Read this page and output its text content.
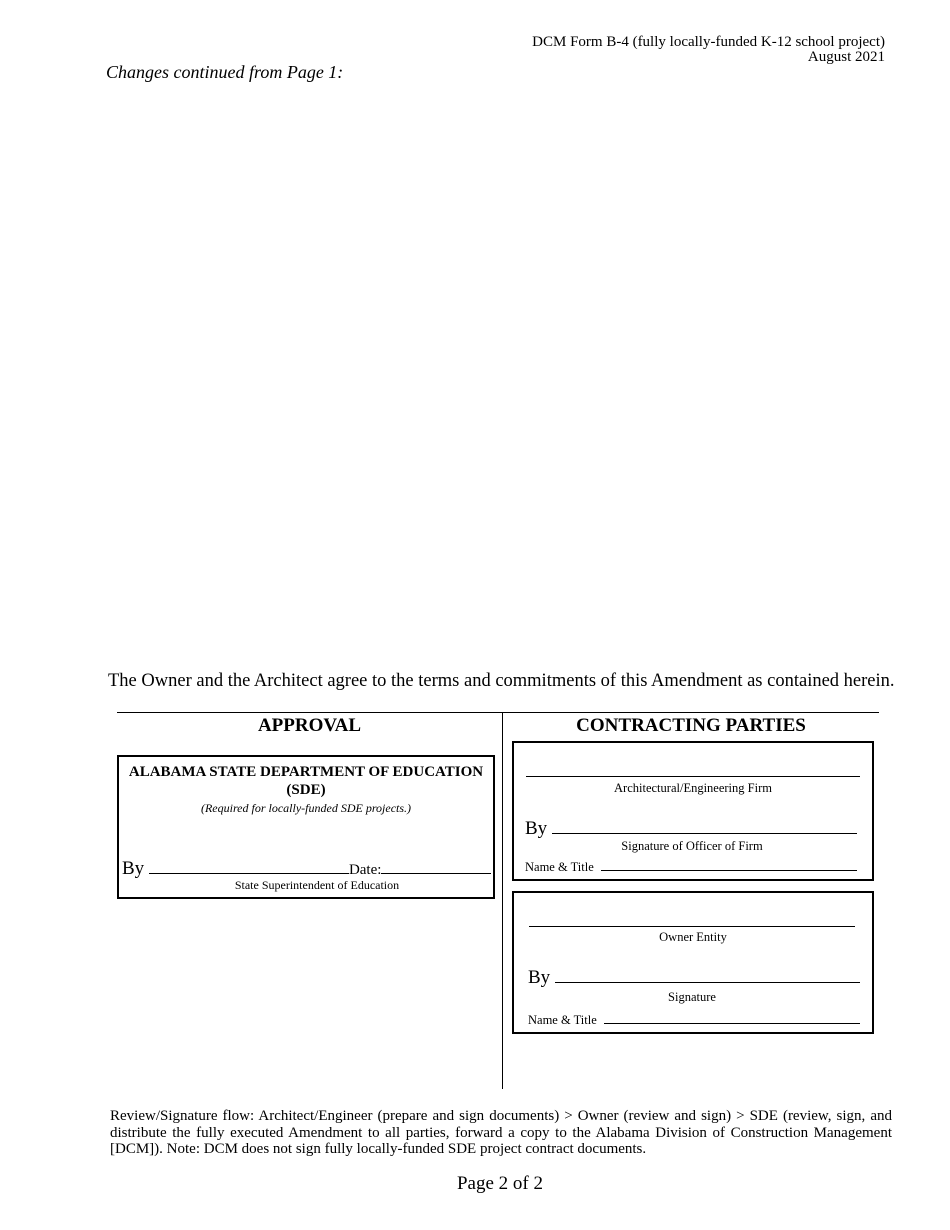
DCM Form B-4 (fully locally-funded K-12 school project)
August 2021
Changes continued from Page 1:
The Owner and the Architect agree to the terms and commitments of this Amendment as contained herein.
APPROVAL	CONTRACTING PARTIES
ALABAMA STATE DEPARTMENT OF EDUCATION (SDE)
(Required for locally-funded SDE projects.)
By	Date:
State Superintendent of Education
Architectural/Engineering Firm
By
Signature of Officer of Firm
Name & Title
Owner Entity
By
Signature
Name & Title
Review/Signature flow: Architect/Engineer (prepare and sign documents) > Owner (review and sign) > SDE (review, sign, and distribute the fully executed Amendment to all parties, forward a copy to the Alabama Division of Construction Management [DCM]). Note: DCM does not sign fully locally-funded SDE project contract documents.
Page 2 of 2
